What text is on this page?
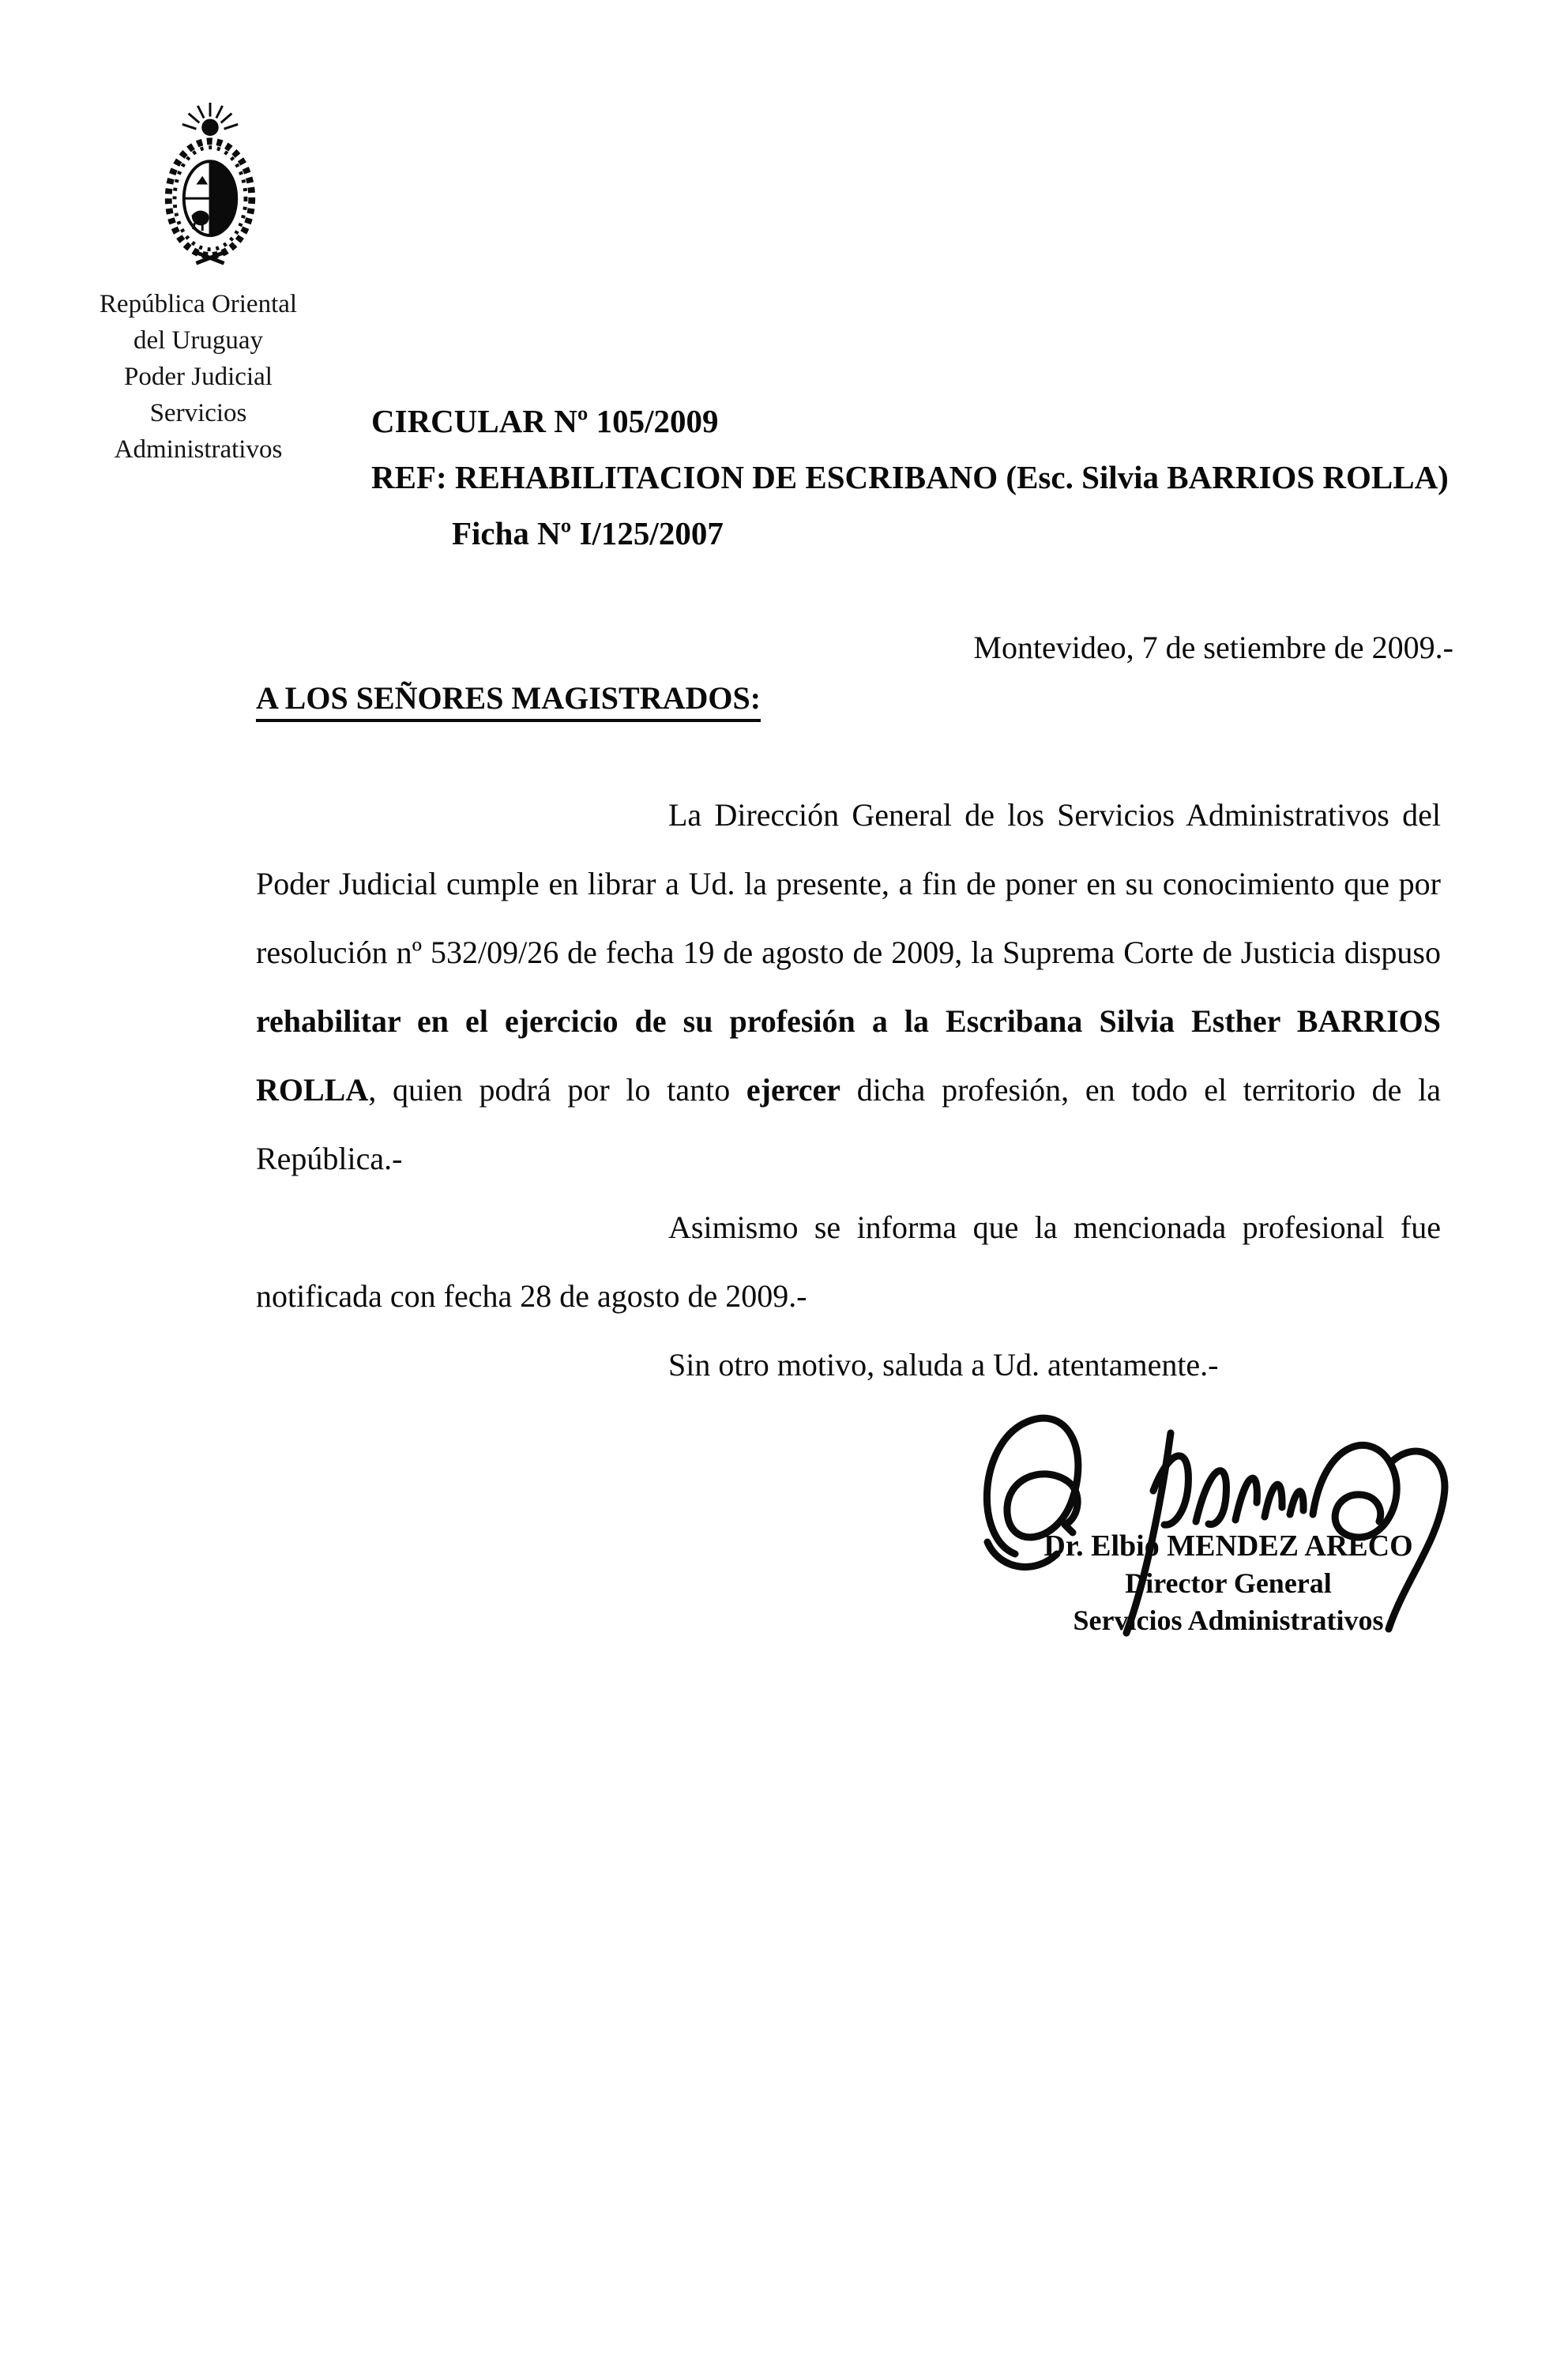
República Oriental
del Uruguay
Poder Judicial
Servicios
Administrativos
CIRCULAR Nº 105/2009
REF: REHABILITACION DE ESCRIBANO (Esc. Silvia BARRIOS ROLLA)
Ficha Nº I/125/2007
Montevideo, 7 de setiembre de 2009.-
A LOS SEÑORES MAGISTRADOS:

La Dirección General de los Servicios Administrativos del Poder Judicial cumple en librar a Ud. la presente, a fin de poner en su conocimiento que por resolución nº 532/09/26 de fecha 19 de agosto de 2009, la Suprema Corte de Justicia dispuso rehabilitar en el ejercicio de su profesión a la Escribana Silvia Esther BARRIOS ROLLA, quien podrá por lo tanto ejercer dicha profesión, en todo el territorio de la República.-

Asimismo se informa que la mencionada profesional fue notificada con fecha 28 de agosto de 2009.-

Sin otro motivo, saluda a Ud. atentamente.-

Dr. Elbio MENDEZ ARECO
Director General
Servicios Administrativos
